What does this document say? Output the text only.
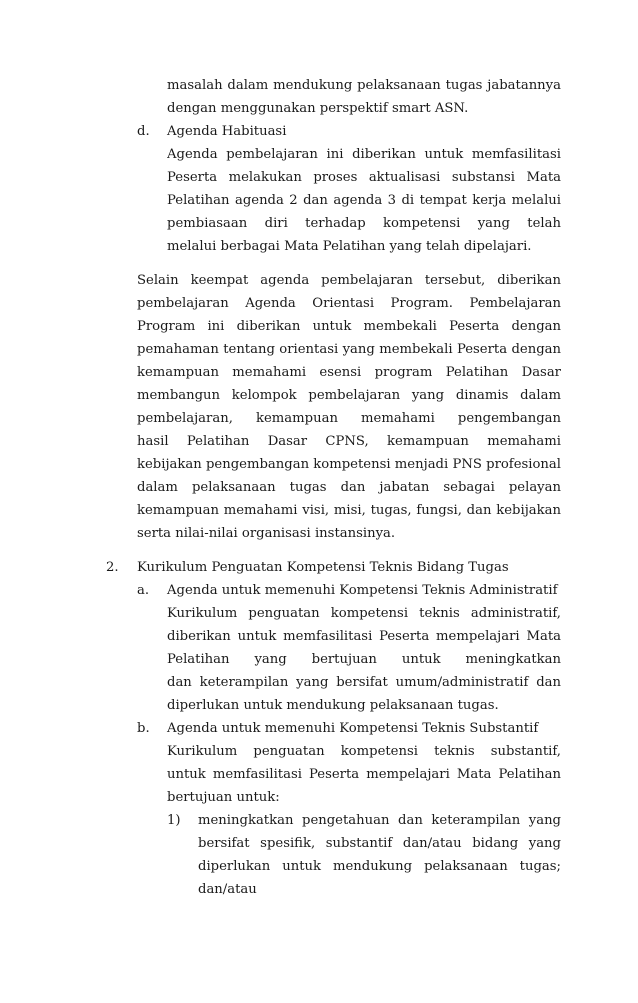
masalah dalam mendukung pelaksanaan tugas jabatannya
dengan menggunakan perspektif smart ASN.
d. Agenda Habituasi
Agenda pembelajaran ini diberikan untuk memfasilitasi
Peserta melakukan proses aktualisasi substansi Mata
Pelatihan agenda 2 dan agenda 3 di tempat kerja melalui
pembiasaan diri terhadap kompetensi yang telah
melalui berbagai Mata Pelatihan yang telah dipelajari.
Selain keempat agenda pembelajaran tersebut, diberikan
pembelajaran Agenda Orientasi Program. Pembelajaran
Program ini diberikan untuk membekali Peserta dengan
pemahaman tentang orientasi yang membekali Peserta dengan
kemampuan memahami esensi program Pelatihan Dasar
membangun kelompok pembelajaran yang dinamis dalam
pembelajaran, kemampuan memahami pengembangan
hasil Pelatihan Dasar CPNS, kemampuan memahami
kebijakan pengembangan kompetensi menjadi PNS profesional
dalam pelaksanaan tugas dan jabatan sebagai pelayan
kemampuan memahami visi, misi, tugas, fungsi, dan kebijakan
serta nilai-nilai organisasi instansinya.
2. Kurikulum Penguatan Kompetensi Teknis Bidang Tugas
a. Agenda untuk memenuhi Kompetensi Teknis Administratif
Kurikulum penguatan kompetensi teknis administratif,
diberikan untuk memfasilitasi Peserta mempelajari Mata
Pelatihan yang bertujuan untuk meningkatkan
dan keterampilan yang bersifat umum/administratif dan
diperlukan untuk mendukung pelaksanaan tugas.
b. Agenda untuk memenuhi Kompetensi Teknis Substantif
Kurikulum penguatan kompetensi teknis substantif,
untuk memfasilitasi Peserta mempelajari Mata Pelatihan
bertujuan untuk:
1) meningkatkan pengetahuan dan keterampilan yang
bersifat spesifik, substantif dan/atau bidang yang
diperlukan untuk mendukung pelaksanaan tugas;
dan/atau
